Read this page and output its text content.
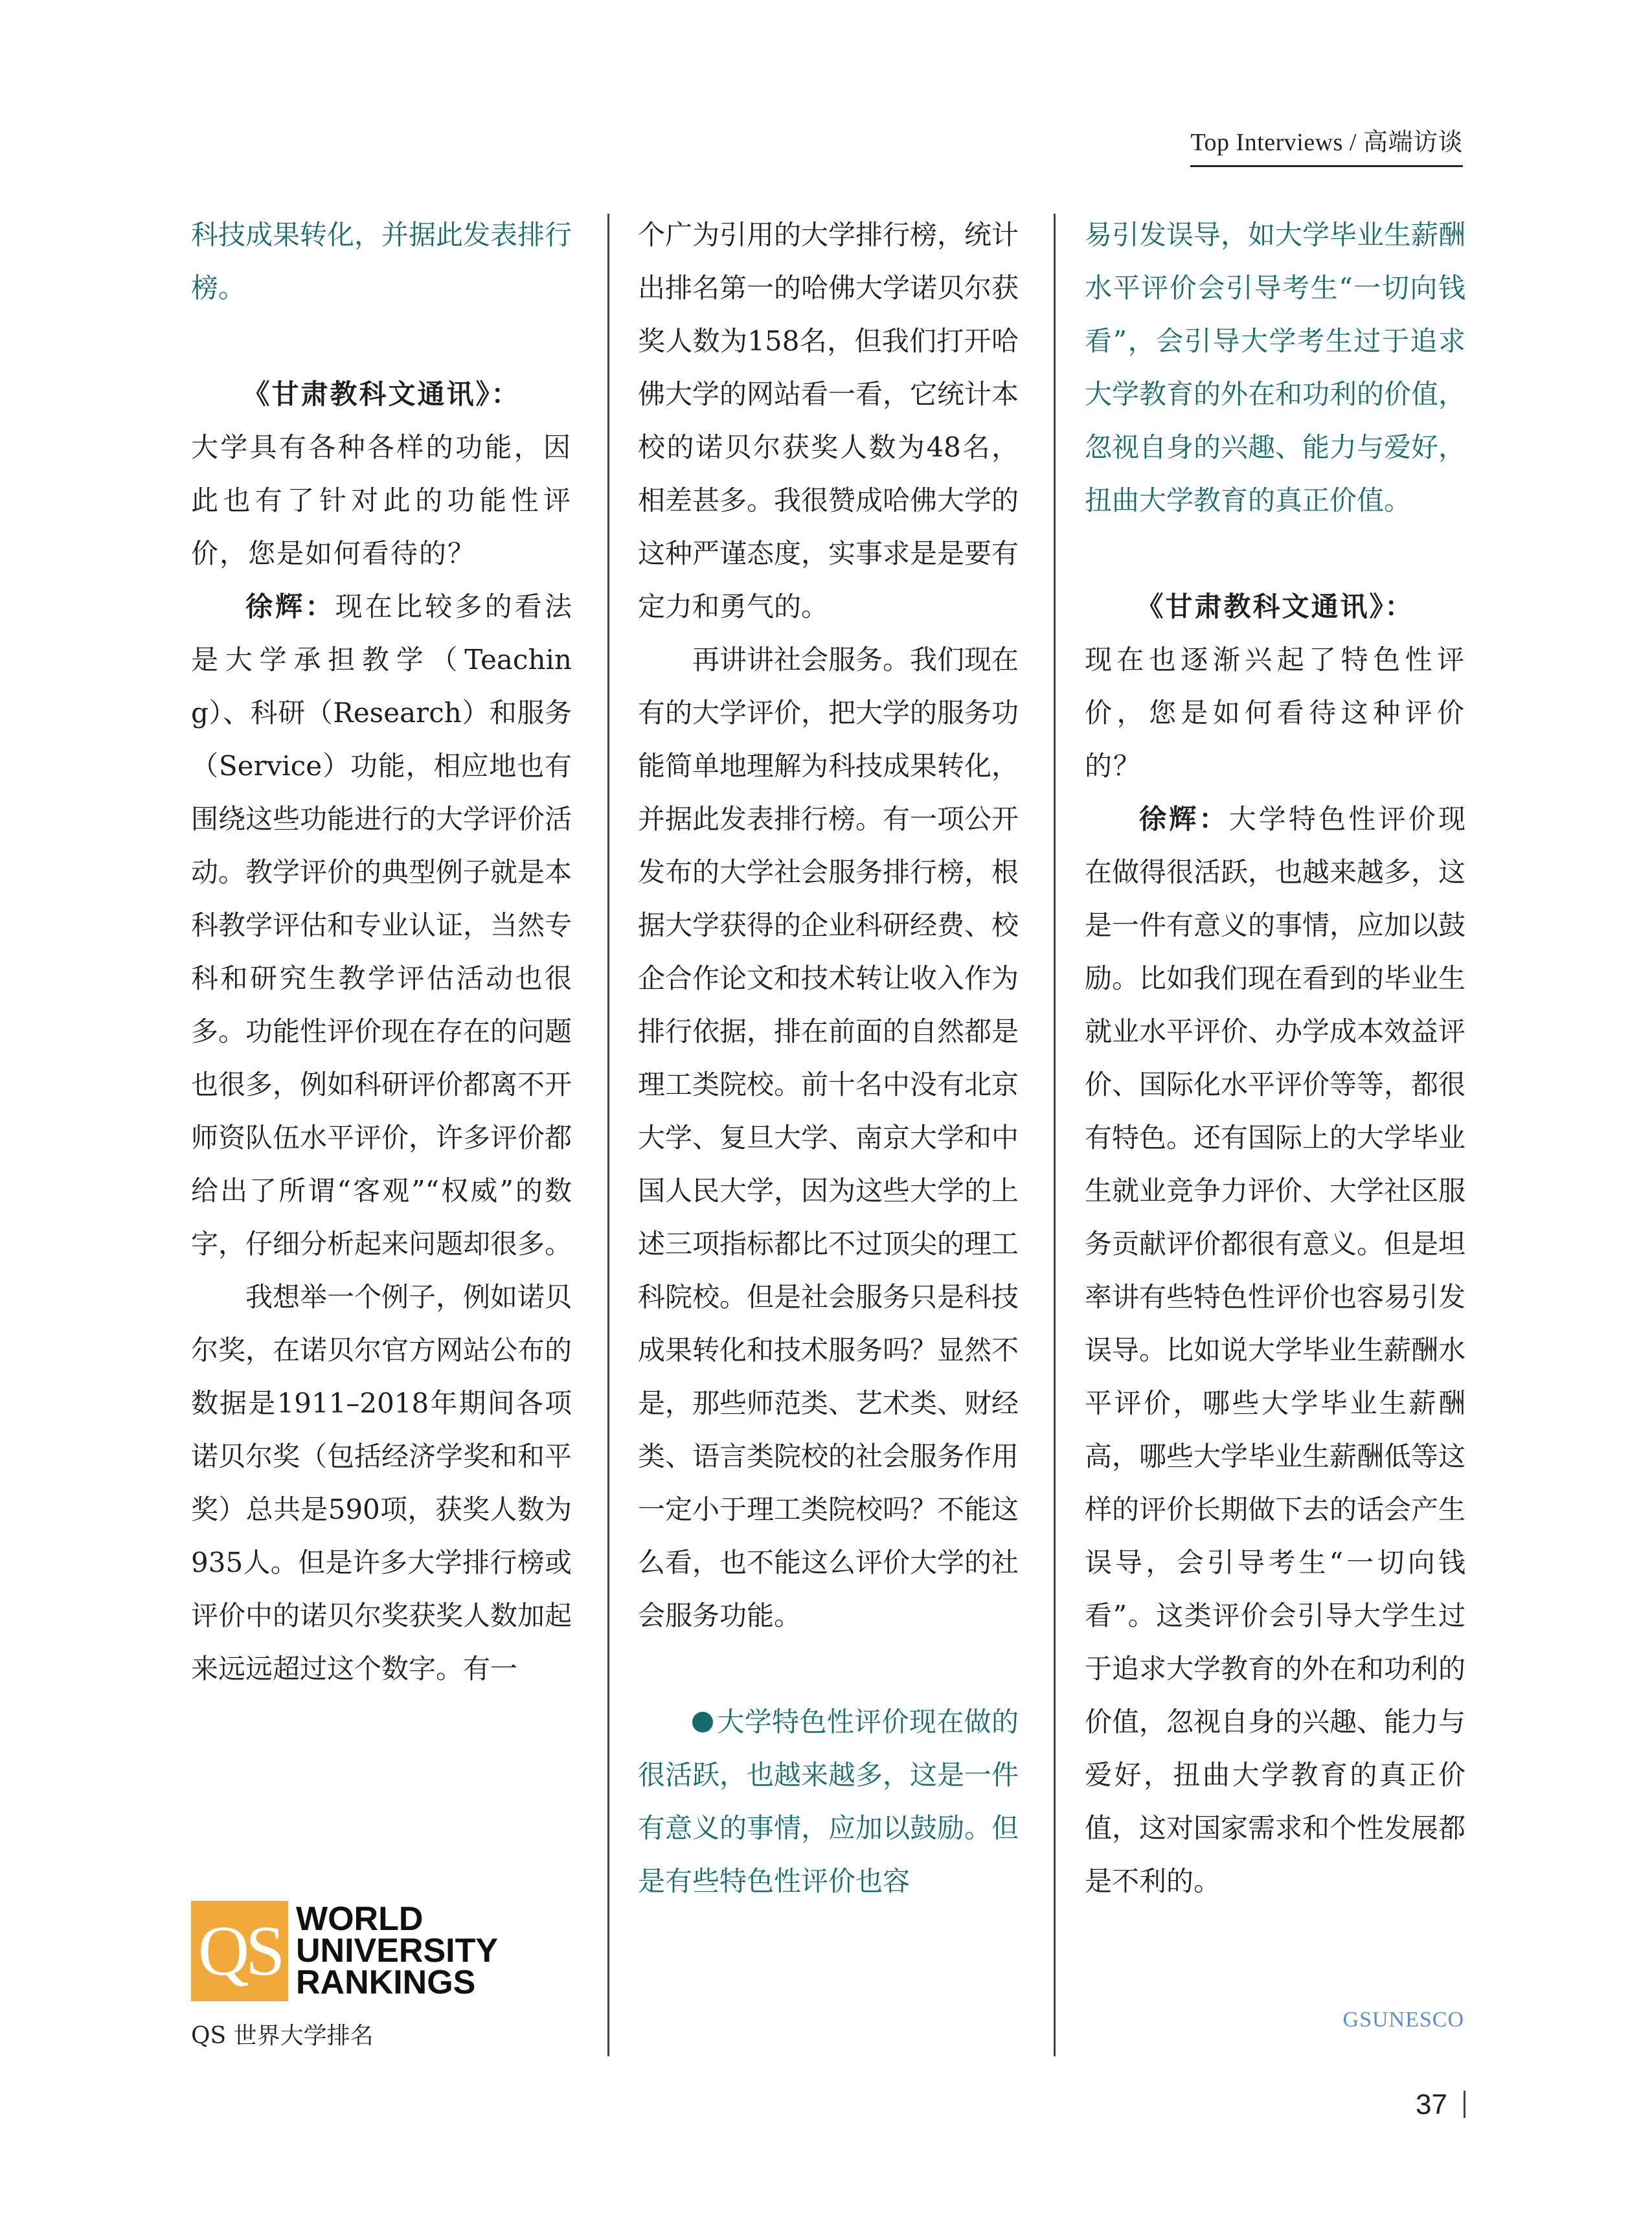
Top Interviews / 高端访谈

科技成果转化，并据此发表排行榜。

《甘肃教科文通讯》：

大学具有各种各样的功能，因此也有了针对此的功能性评价，您是如何看待的？

徐辉：现在比较多的看法是大学承担教学（Teaching）、科研（Research）和服务（Service）功能，相应地也有围绕这些功能进行的大学评价活动。教学评价的典型例子就是本科教学评估和专业认证，当然专科和研究生教学评估活动也很多。功能性评价现在存在的问题也很多，例如科研评价都离不开师资队伍水平评价，许多评价都给出了所谓“客观”“权威”的数字，仔细分析起来问题却很多。

我想举一个例子，例如诺贝尔奖，在诺贝尔官方网站公布的数据是1911–2018年期间各项诺贝尔奖（包括经济学奖和和平奖）总共是590项，获奖人数为935人。但是许多大学排行榜或评价中的诺贝尔奖获奖人数加起来远远超过这个数字。有一

个广为引用的大学排行榜，统计出排名第一的哈佛大学诺贝尔获奖人数为158名，但我们打开哈佛大学的网站看一看，它统计本校的诺贝尔获奖人数为48名，相差甚多。我很赞成哈佛大学的这种严谨态度，实事求是是要有定力和勇气的。

再讲讲社会服务。我们现在有的大学评价，把大学的服务功能简单地理解为科技成果转化，并据此发表排行榜。有一项公开发布的大学社会服务排行榜，根据大学获得的企业科研经费、校企合作论文和技术转让收入作为排行依据，排在前面的自然都是理工类院校。前十名中没有北京大学、复旦大学、南京大学和中国人民大学，因为这些大学的上述三项指标都比不过顶尖的理工科院校。但是社会服务只是科技成果转化和技术服务吗？显然不是，那些师范类、艺术类、财经类、语言类院校的社会服务作用一定小于理工类院校吗？不能这么看，也不能这么评价大学的社会服务功能。

大学特色性评价现在做的很活跃，也越来越多，这是一件有意义的事情，应加以鼓励。但是有些特色性评价也容

易引发误导，如大学毕业生薪酬水平评价会引导考生“一切向钱看”，会引导大学考生过于追求大学教育的外在和功利的价值，忽视自身的兴趣、能力与爱好，扭曲大学教育的真正价值。

《甘肃教科文通讯》：

现在也逐渐兴起了特色性评价，您是如何看待这种评价的？

徐辉：大学特色性评价现在做得很活跃，也越来越多，这是一件有意义的事情，应加以鼓励。比如我们现在看到的毕业生就业水平评价、办学成本效益评价、国际化水平评价等等，都很有特色。还有国际上的大学毕业生就业竞争力评价、大学社区服务贡献评价都很有意义。但是坦率讲有些特色性评价也容易引发误导。比如说大学毕业生薪酬水平评价，哪些大学毕业生薪酬高，哪些大学毕业生薪酬低等这样的评价长期做下去的话会产生误导，会引导考生“一切向钱看”。这类评价会引导大学生过于追求大学教育的外在和功利的价值，忽视自身的兴趣、能力与爱好，扭曲大学教育的真正价值，这对国家需求和个性发展都是不利的。

QS WORLD
UNIVERSITY
RANKINGS
QS 世界大学排名
GSUNESCO
37
